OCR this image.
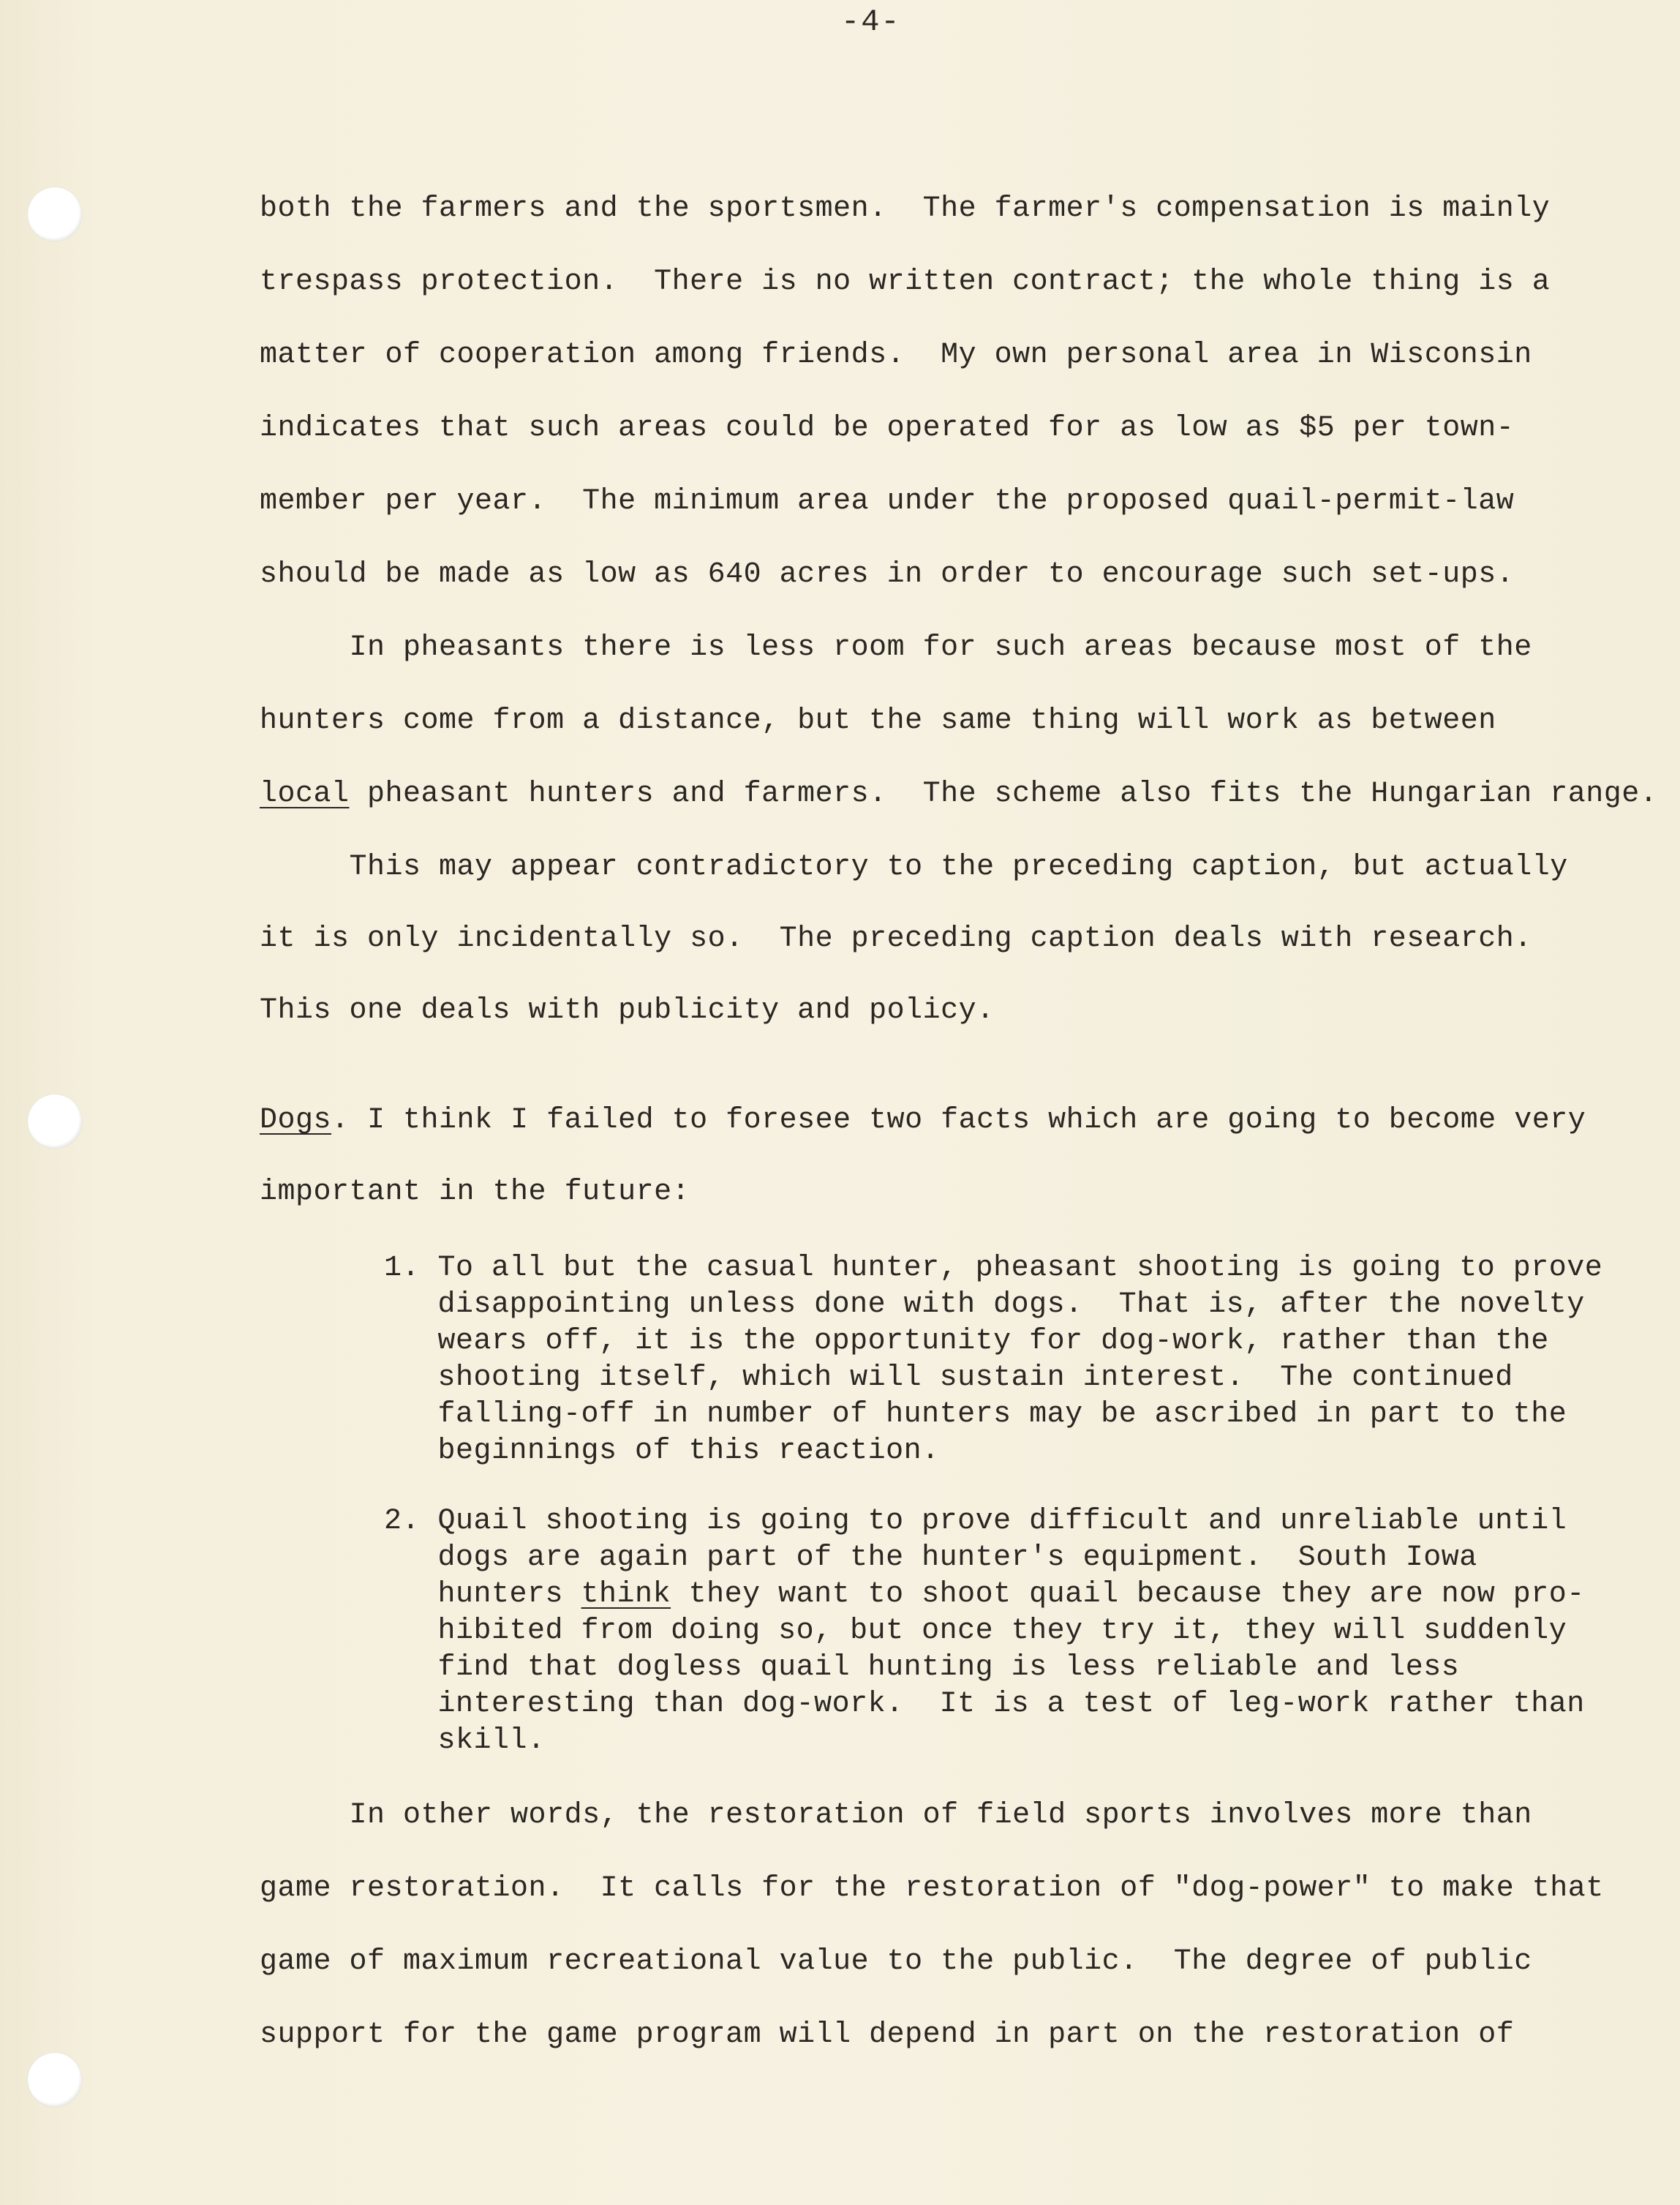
-4-

both the farmers and the sportsmen.  The farmer's compensation is mainly

trespass protection.  There is no written contract; the whole thing is a

matter of cooperation among friends.  My own personal area in Wisconsin

indicates that such areas could be operated for as low as $5 per town-

member per year.  The minimum area under the proposed quail-permit-law

should be made as low as 640 acres in order to encourage such set-ups.

In pheasants there is less room for such areas because most of the

hunters come from a distance, but the same thing will work as between

local pheasant hunters and farmers.  The scheme also fits the Hungarian range.

This may appear contradictory to the preceding caption, but actually

it is only incidentally so.  The preceding caption deals with research.

This one deals with publicity and policy.

Dogs. I think I failed to foresee two facts which are going to become very

important in the future:

1. To all but the casual hunter, pheasant shooting is going to prove

disappointing unless done with dogs.  That is, after the novelty

wears off, it is the opportunity for dog-work, rather than the

shooting itself, which will sustain interest.  The continued

falling-off in number of hunters may be ascribed in part to the

beginnings of this reaction.

2. Quail shooting is going to prove difficult and unreliable until

dogs are again part of the hunter's equipment.  South Iowa

hunters think they want to shoot quail because they are now pro-

hibited from doing so, but once they try it, they will suddenly

find that dogless quail hunting is less reliable and less

interesting than dog-work.  It is a test of leg-work rather than

skill.

In other words, the restoration of field sports involves more than

game restoration.  It calls for the restoration of "dog-power" to make that

game of maximum recreational value to the public.  The degree of public

support for the game program will depend in part on the restoration of
